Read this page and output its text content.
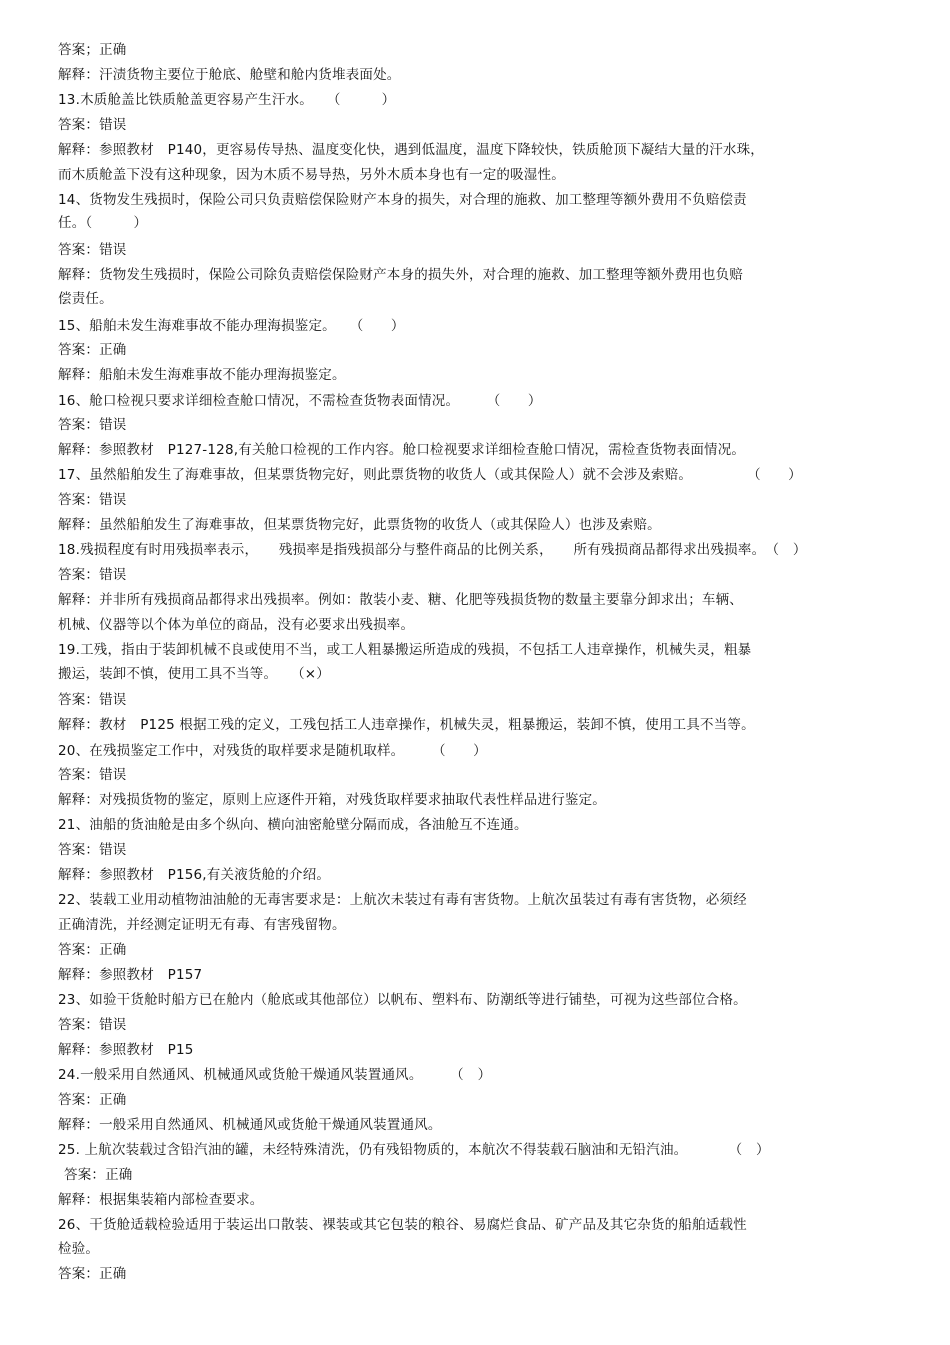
答案；正确
解释：汗渍货物主要位于舱底、舱壁和舱内货堆表面处。
13.木质舱盖比铁质舱盖更容易产生汗水。　　（　　　）
答案：错误
解释：参照教材　P140，更容易传导热、温度变化快，遇到低温度，温度下降较快，铁质舱顶下凝结大量的汗水珠，
而木质舱盖下没有这种现象，因为木质不易导热，另外木质本身也有一定的吸湿性。
14、货物发生残损时，保险公司只负责赔偿保险财产本身的损失，对合理的施救、加工整理等额外费用不负赔偿责
任。（　　　）
答案：错误
解释：货物发生残损时，保险公司除负责赔偿保险财产本身的损失外，对合理的施救、加工整理等额外费用也负赔
偿责任。
15、船舶未发生海难事故不能办理海损鉴定。　　（　　）
答案：正确
解释：船舶未发生海难事故不能办理海损鉴定。
16、舱口检视只要求详细检查舱口情况，不需检查货物表面情况。　　　（　　）
答案：错误
解释：参照教材　P127-128,有关舱口检视的工作内容。舱口检视要求详细检查舱口情况，需检查货物表面情况。
17、虽然船舶发生了海难事故，但某票货物完好，则此票货物的收货人（或其保险人）就不会涉及索赔。　　　　　（　　）
答案：错误
解释：虽然船舶发生了海难事故，但某票货物完好，此票货物的收货人（或其保险人）也涉及索赔。
18.残损程度有时用残损率表示，　　残损率是指残损部分与整件商品的比例关系，　　所有残损商品都得求出残损率。　（　）
答案：错误
解释：并非所有残损商品都得求出残损率。例如：散装小麦、糖、化肥等残损货物的数量主要靠分卸求出；车辆、
机械、仪器等以个体为单位的商品，没有必要求出残损率。
19.工残，指由于装卸机械不良或使用不当，或工人粗暴搬运所造成的残损，不包括工人违章操作，机械失灵，粗暴
搬运，装卸不慎，使用工具不当等。　　（×）
答案：错误
解释：教材　P125 根据工残的定义，工残包括工人违章操作，机械失灵，粗暴搬运，装卸不慎，使用工具不当等。
20、在残损鉴定工作中，对残货的取样要求是随机取样。　　　（　　）
答案：错误
解释：对残损货物的鉴定，原则上应逐件开箱，对残货取样要求抽取代表性样品进行鉴定。
21、油船的货油舱是由多个纵向、横向油密舱壁分隔而成，各油舱互不连通。
答案：错误
解释：参照教材　P156,有关液货舱的介绍。
22、装载工业用动植物油油舱的无毒害要求是：上航次未装过有毒有害货物。上航次虽装过有毒有害货物，必须经
正确清洗，并经测定证明无有毒、有害残留物。
答案：正确
解释：参照教材　P157
23、如验干货舱时船方已在舱内（舱底或其他部位）以帆布、塑料布、防潮纸等进行铺垫，可视为这些部位合格。
答案：错误
解释：参照教材　P15
24.一般采用自然通风、机械通风或货舱干燥通风装置通风。　　　（　）
答案：正确
解释：一般采用自然通风、机械通风或货舱干燥通风装置通风。
25. 上航次装载过含铅汽油的罐，未经特殊清洗，仍有残铅物质的，本航次不得装载石脑油和无铅汽油。　　　　（　）
答案：正确
解释：根据集装箱内部检查要求。
26、干货舱适载检验适用于装运出口散装、裸装或其它包装的粮谷、易腐烂食品、矿产品及其它杂货的船舶适载性
检验。
答案：正确
